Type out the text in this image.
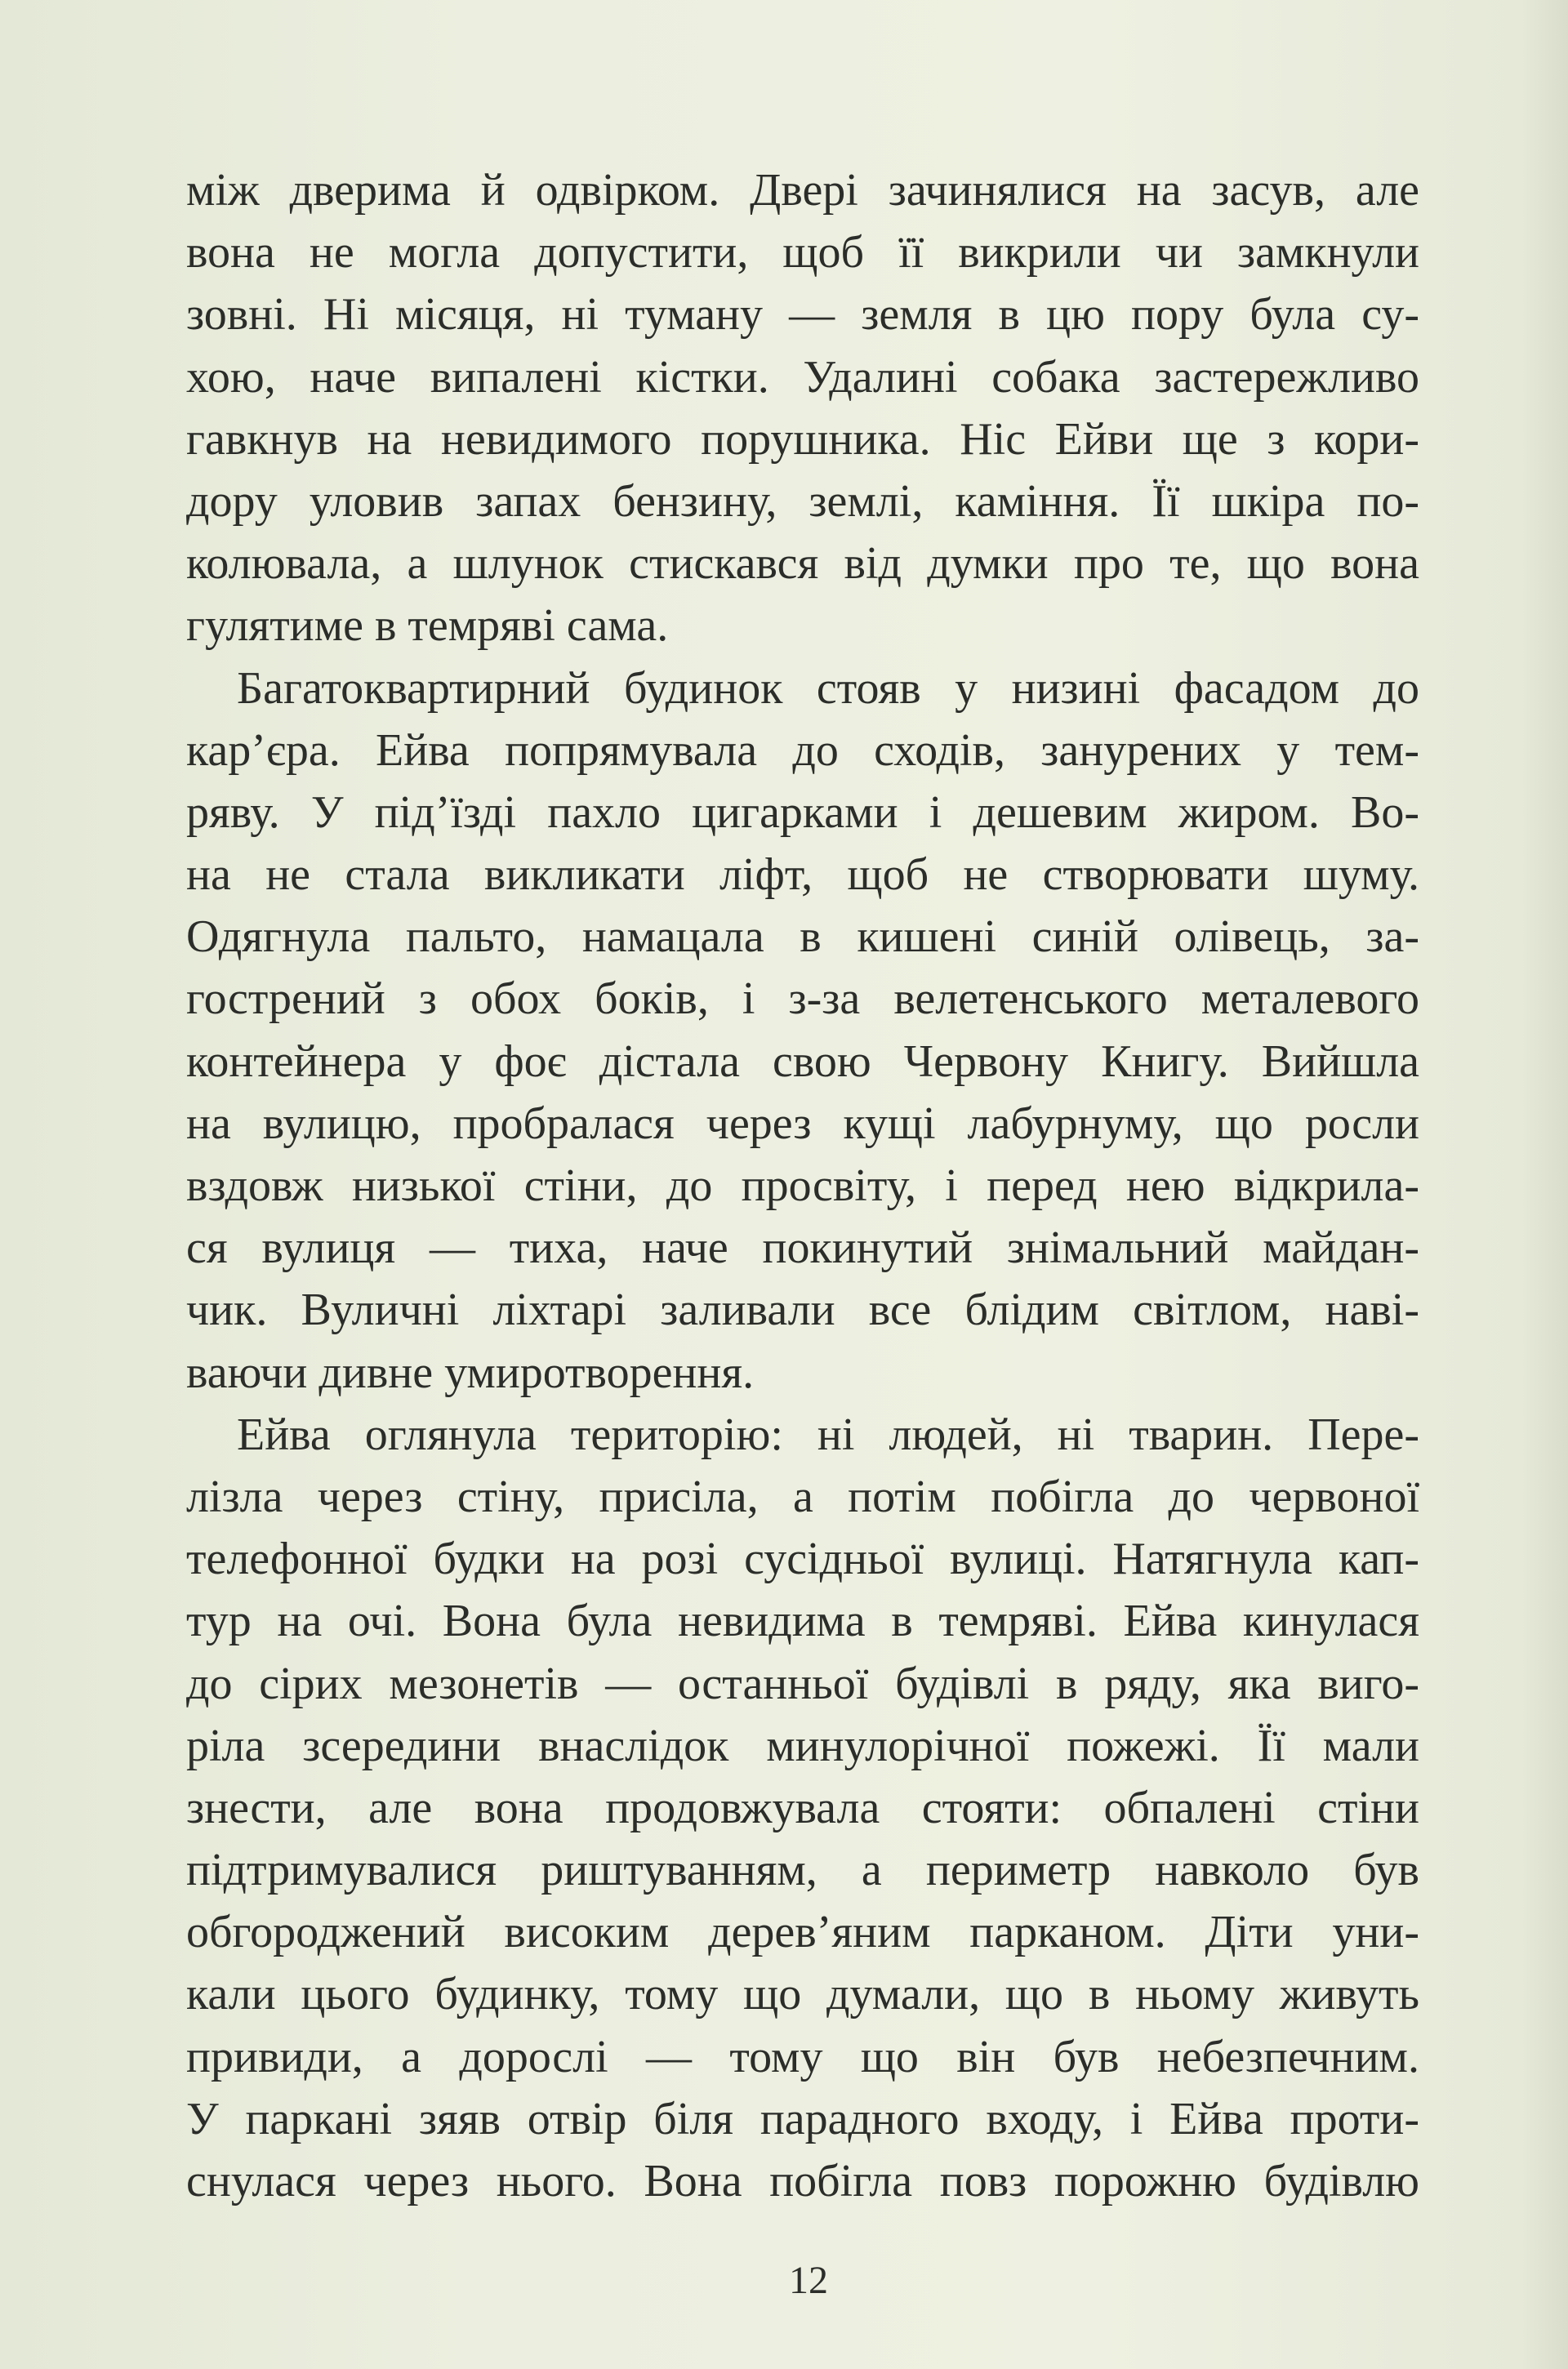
між дверима й одвірком. Двері зачинялися на засув, але
вона не могла допустити, щоб її викрили чи замкнули
зовні. Ні місяця, ні туману — земля в цю пору була су-
хою, наче випалені кістки. Удалині собака застережливо
гавкнув на невидимого порушника. Ніс Ейви ще з кори-
дору уловив запах бензину, землі, каміння. Її шкіра по-
колювала, а шлунок стискався від думки про те, що вона
гулятиме в темряві сама.
Багатоквартирний будинок стояв у низині фасадом до
кар’єра. Ейва попрямувала до сходів, занурених у тем-
ряву. У під’їзді пахло цигарками і дешевим жиром. Во-
на не стала викликати ліфт, щоб не створювати шуму.
Одягнула пальто, намацала в кишені синій олівець, за-
гострений з обох боків, і з-за велетенського металевого
контейнера у фоє дістала свою Червону Книгу. Вийшла
на вулицю, пробралася через кущі лабурнуму, що росли
вздовж низької стіни, до просвіту, і перед нею відкрила-
ся вулиця — тиха, наче покинутий знімальний майдан-
чик. Вуличні ліхтарі заливали все блідим світлом, наві-
ваючи дивне умиротворення.
Ейва оглянула територію: ні людей, ні тварин. Пере-
лізла через стіну, присіла, а потім побігла до червоної
телефонної будки на розі сусідньої вулиці. Натягнула кап-
тур на очі. Вона була невидима в темряві. Ейва кинулася
до сірих мезонетів — останньої будівлі в ряду, яка виго-
ріла зсередини внаслідок минулорічної пожежі. Її мали
знести, але вона продовжувала стояти: обпалені стіни
підтримувалися риштуванням, а периметр навколо був
обгороджений високим дерев’яним парканом. Діти уни-
кали цього будинку, тому що думали, що в ньому живуть
привиди, а дорослі — тому що він був небезпечним.
У паркані зяяв отвір біля парадного входу, і Ейва проти-
снулася через нього. Вона побігла повз порожню будівлю
12
